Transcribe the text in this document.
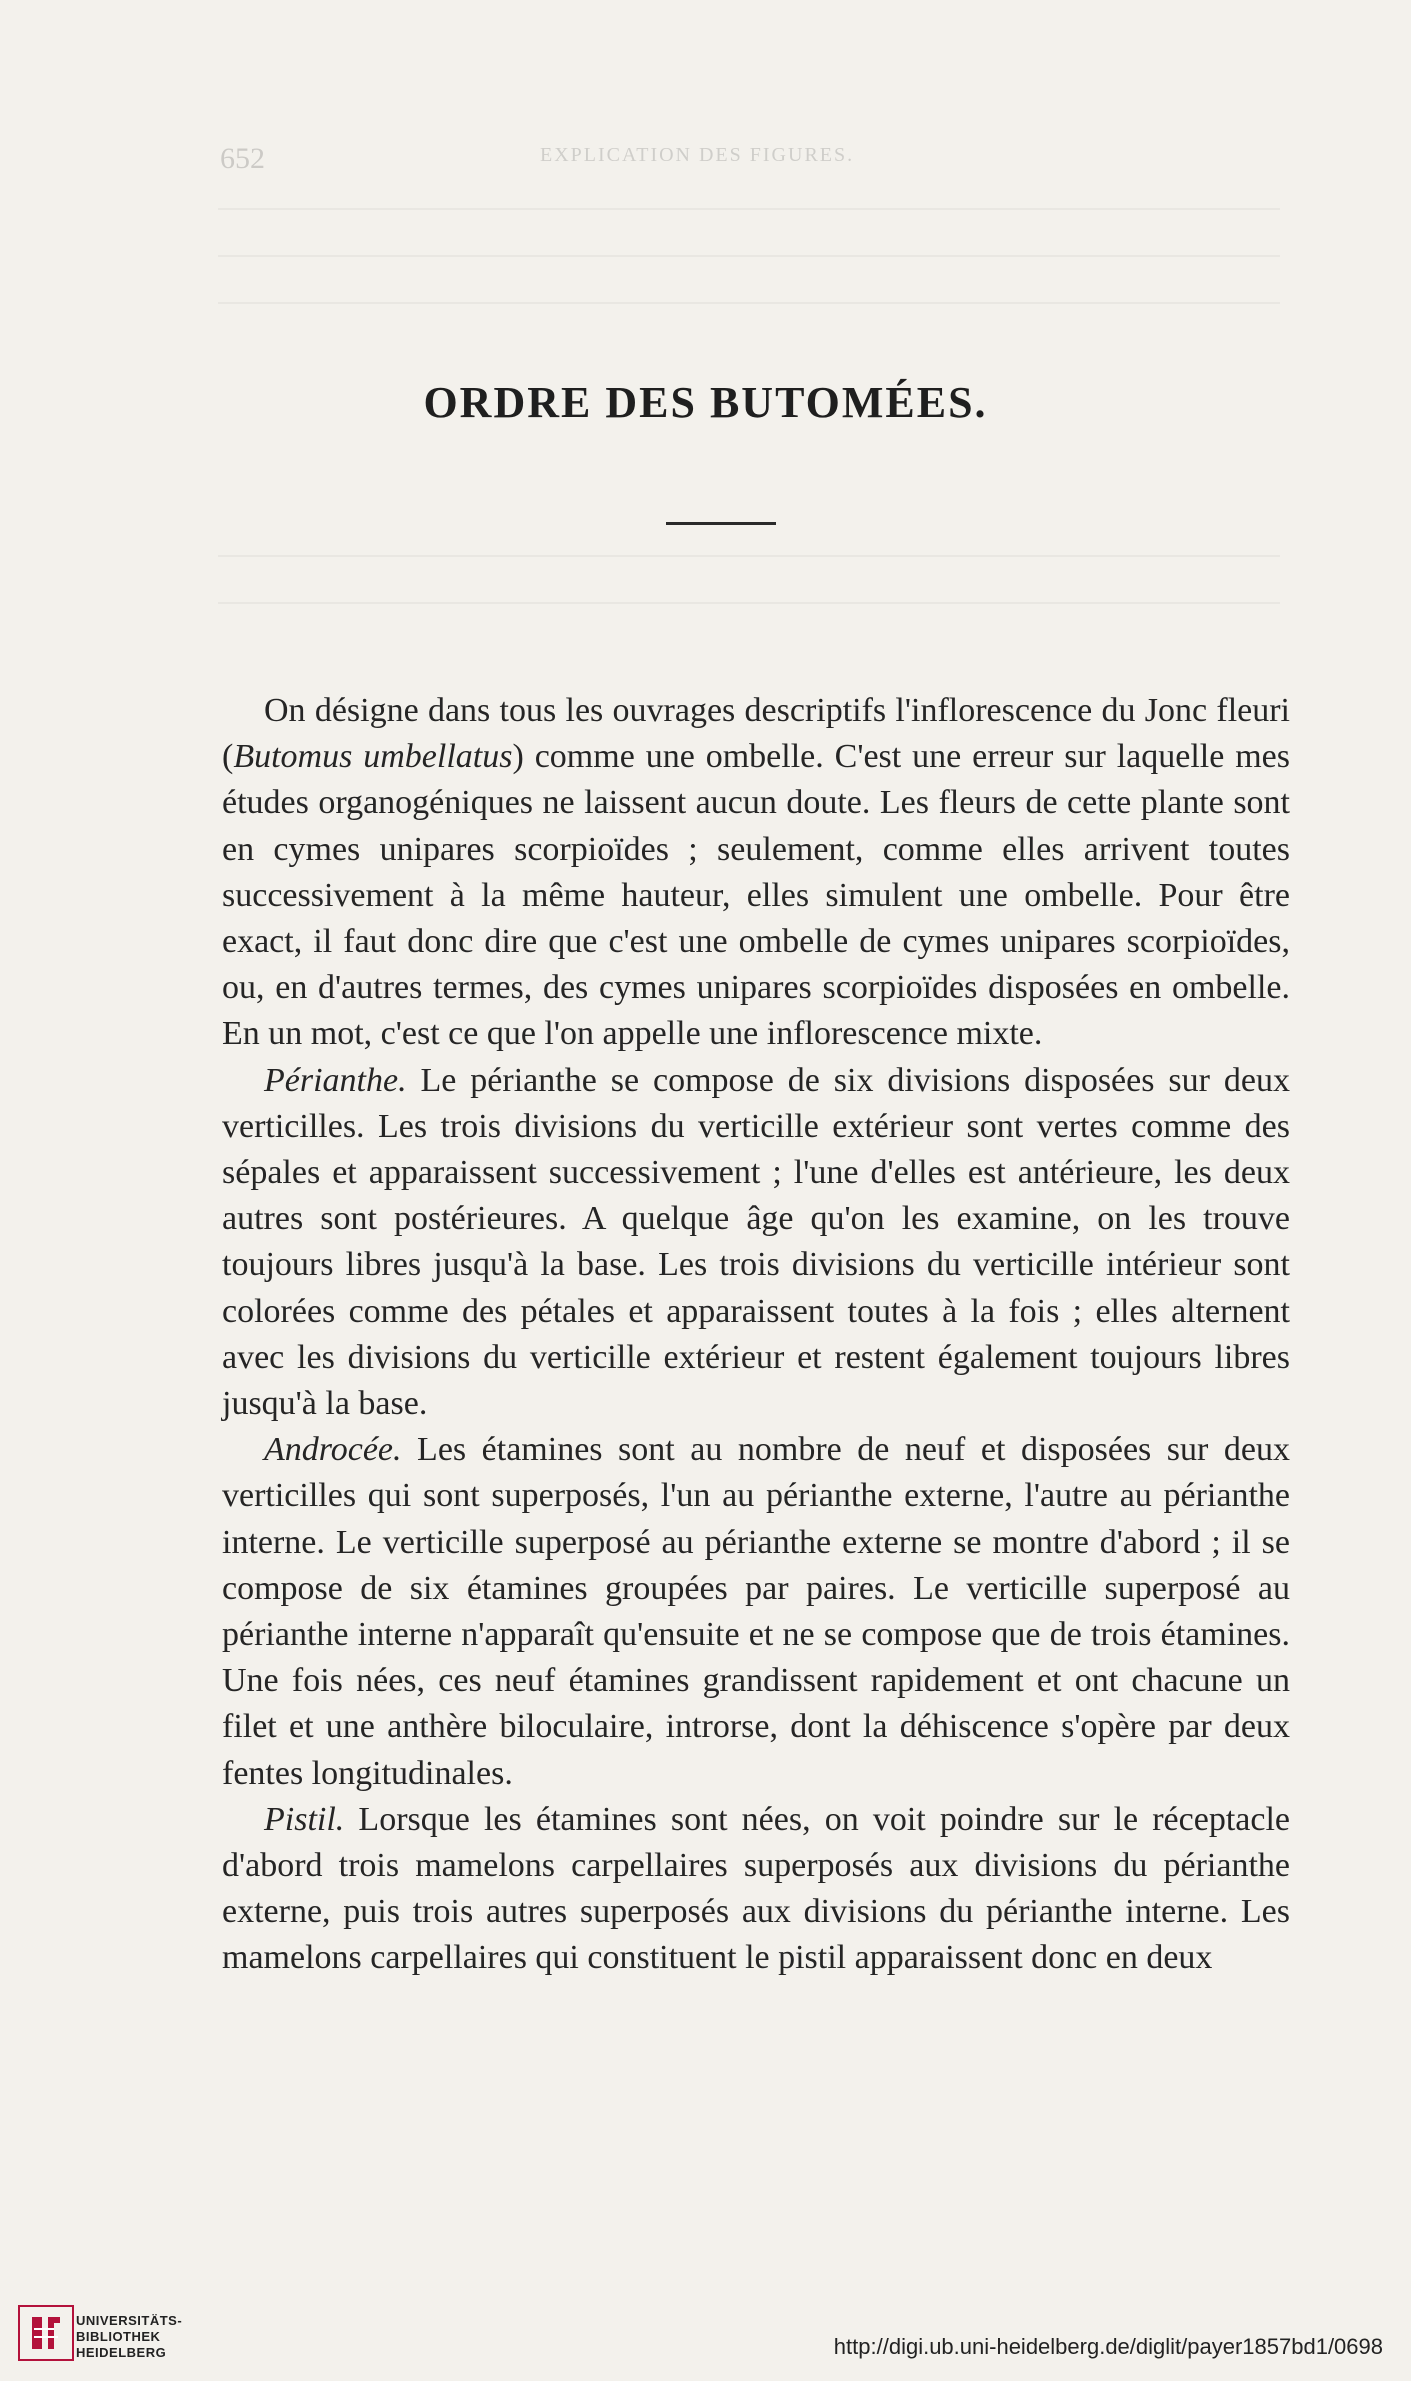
652	EXPLICATION DES FIGURES.
ORDRE DES BUTOMÉES.

On désigne dans tous les ouvrages descriptifs l'inflorescence du Jonc fleuri (Butomus umbellatus) comme une ombelle. C'est une erreur sur laquelle mes études organogéniques ne laissent aucun doute. Les fleurs de cette plante sont en cymes unipares scorpioïdes ; seulement, comme elles arrivent toutes successivement à la même hauteur, elles simulent une ombelle. Pour être exact, il faut donc dire que c'est une ombelle de cymes unipares scorpioïdes, ou, en d'autres termes, des cymes unipares scorpioïdes disposées en ombelle. En un mot, c'est ce que l'on appelle une inflorescence mixte.

Périanthe. Le périanthe se compose de six divisions disposées sur deux verticilles. Les trois divisions du verticille extérieur sont vertes comme des sépales et apparaissent successivement ; l'une d'elles est antérieure, les deux autres sont postérieures. A quelque âge qu'on les examine, on les trouve toujours libres jusqu'à la base. Les trois divisions du verticille intérieur sont colorées comme des pétales et apparaissent toutes à la fois ; elles alternent avec les divisions du verticille extérieur et restent également toujours libres jusqu'à la base.

Androcée. Les étamines sont au nombre de neuf et disposées sur deux verticilles qui sont superposés, l'un au périanthe externe, l'autre au périanthe interne. Le verticille superposé au périanthe externe se montre d'abord ; il se compose de six étamines groupées par paires. Le verticille superposé au périanthe interne n'apparaît qu'ensuite et ne se compose que de trois étamines. Une fois nées, ces neuf étamines grandissent rapidement et ont chacune un filet et une anthère biloculaire, introrse, dont la déhiscence s'opère par deux fentes longitudinales.

Pistil. Lorsque les étamines sont nées, on voit poindre sur le réceptacle d'abord trois mamelons carpellaires superposés aux divisions du périanthe externe, puis trois autres superposés aux divisions du périanthe interne. Les mamelons carpellaires qui constituent le pistil apparaissent donc en deux

UNIVERSITÄTS-
BIBLIOTHEK
HEIDELBERG	http://digi.ub.uni-heidelberg.de/diglit/payer1857bd1/0698
